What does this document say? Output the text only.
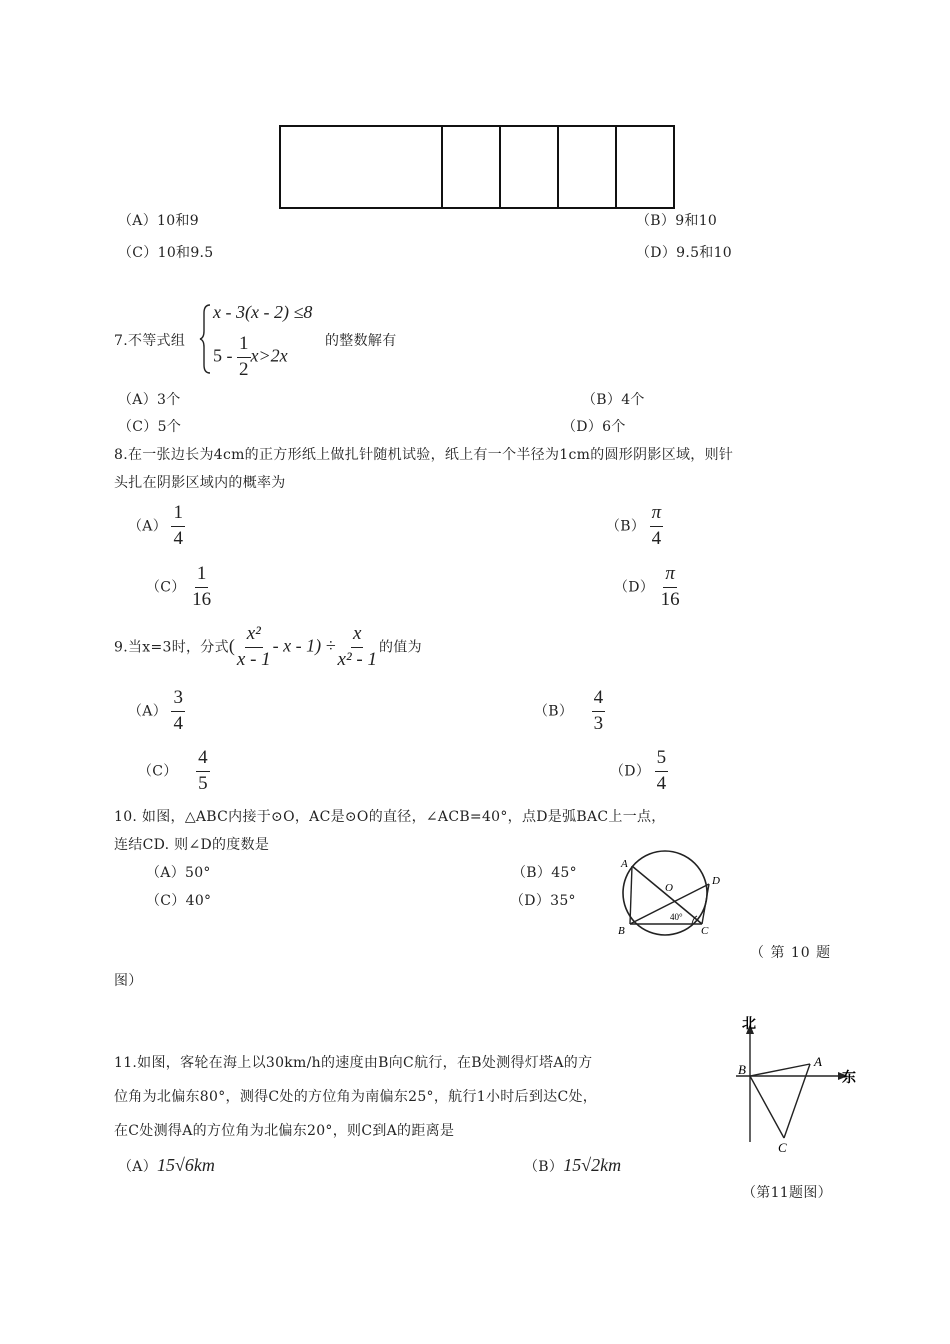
（A）10和9	（B）9和10
（C）10和9.5	（D）9.5和10
7.不等式组
x - 3(x - 2) ≤8
$5 - \frac{1}{2} x>2x$
的整数解有
（A）3个	（B）4个
（C）5个	（D）6个
8.在一张边长为4cm的正方形纸上做扎针随机试验，纸上有一个半径为1cm的圆形阴影区域，则针
头扎在阴影区域内的概率为
$(A) \frac{1}{4}$	$(B) \frac{\pi}{4}$
$(C) \frac{1}{16}$	$(D) \frac{\pi}{16}$
9.当x=3时，分式( $\frac{\text{x²}}{x - 1} - x - 1) \div \frac{x}{\text{x² - 1}}$ 的值为
$(A) \frac{3}{4}$	$(B) \frac{4}{3}$
$(C) \frac{4}{5}$	$(D) \frac{5}{4}$
10. 如图，△ABC内接于⊙O，AC是⊙O的直径，∠ACB=40°，点D是弧BAC上一点，
连结CD. 则∠D的度数是
（A）50°	（B）45°
（C）40°	（D）35°
A
B	C
D
O
40°
（ 第 10 题
图）
11.如图，客轮在海上以30km/h的速度由B向C航行，在B处测得灯塔A的方
位角为北偏东80°，测得C处的方位角为南偏东25°，航行1小时后到达C处，
在C处测得A的方位角为北偏东20°，则C到A的距离是
（A）15√6km	（B）15√2km
北
东
B
A
C
（第11题图）
